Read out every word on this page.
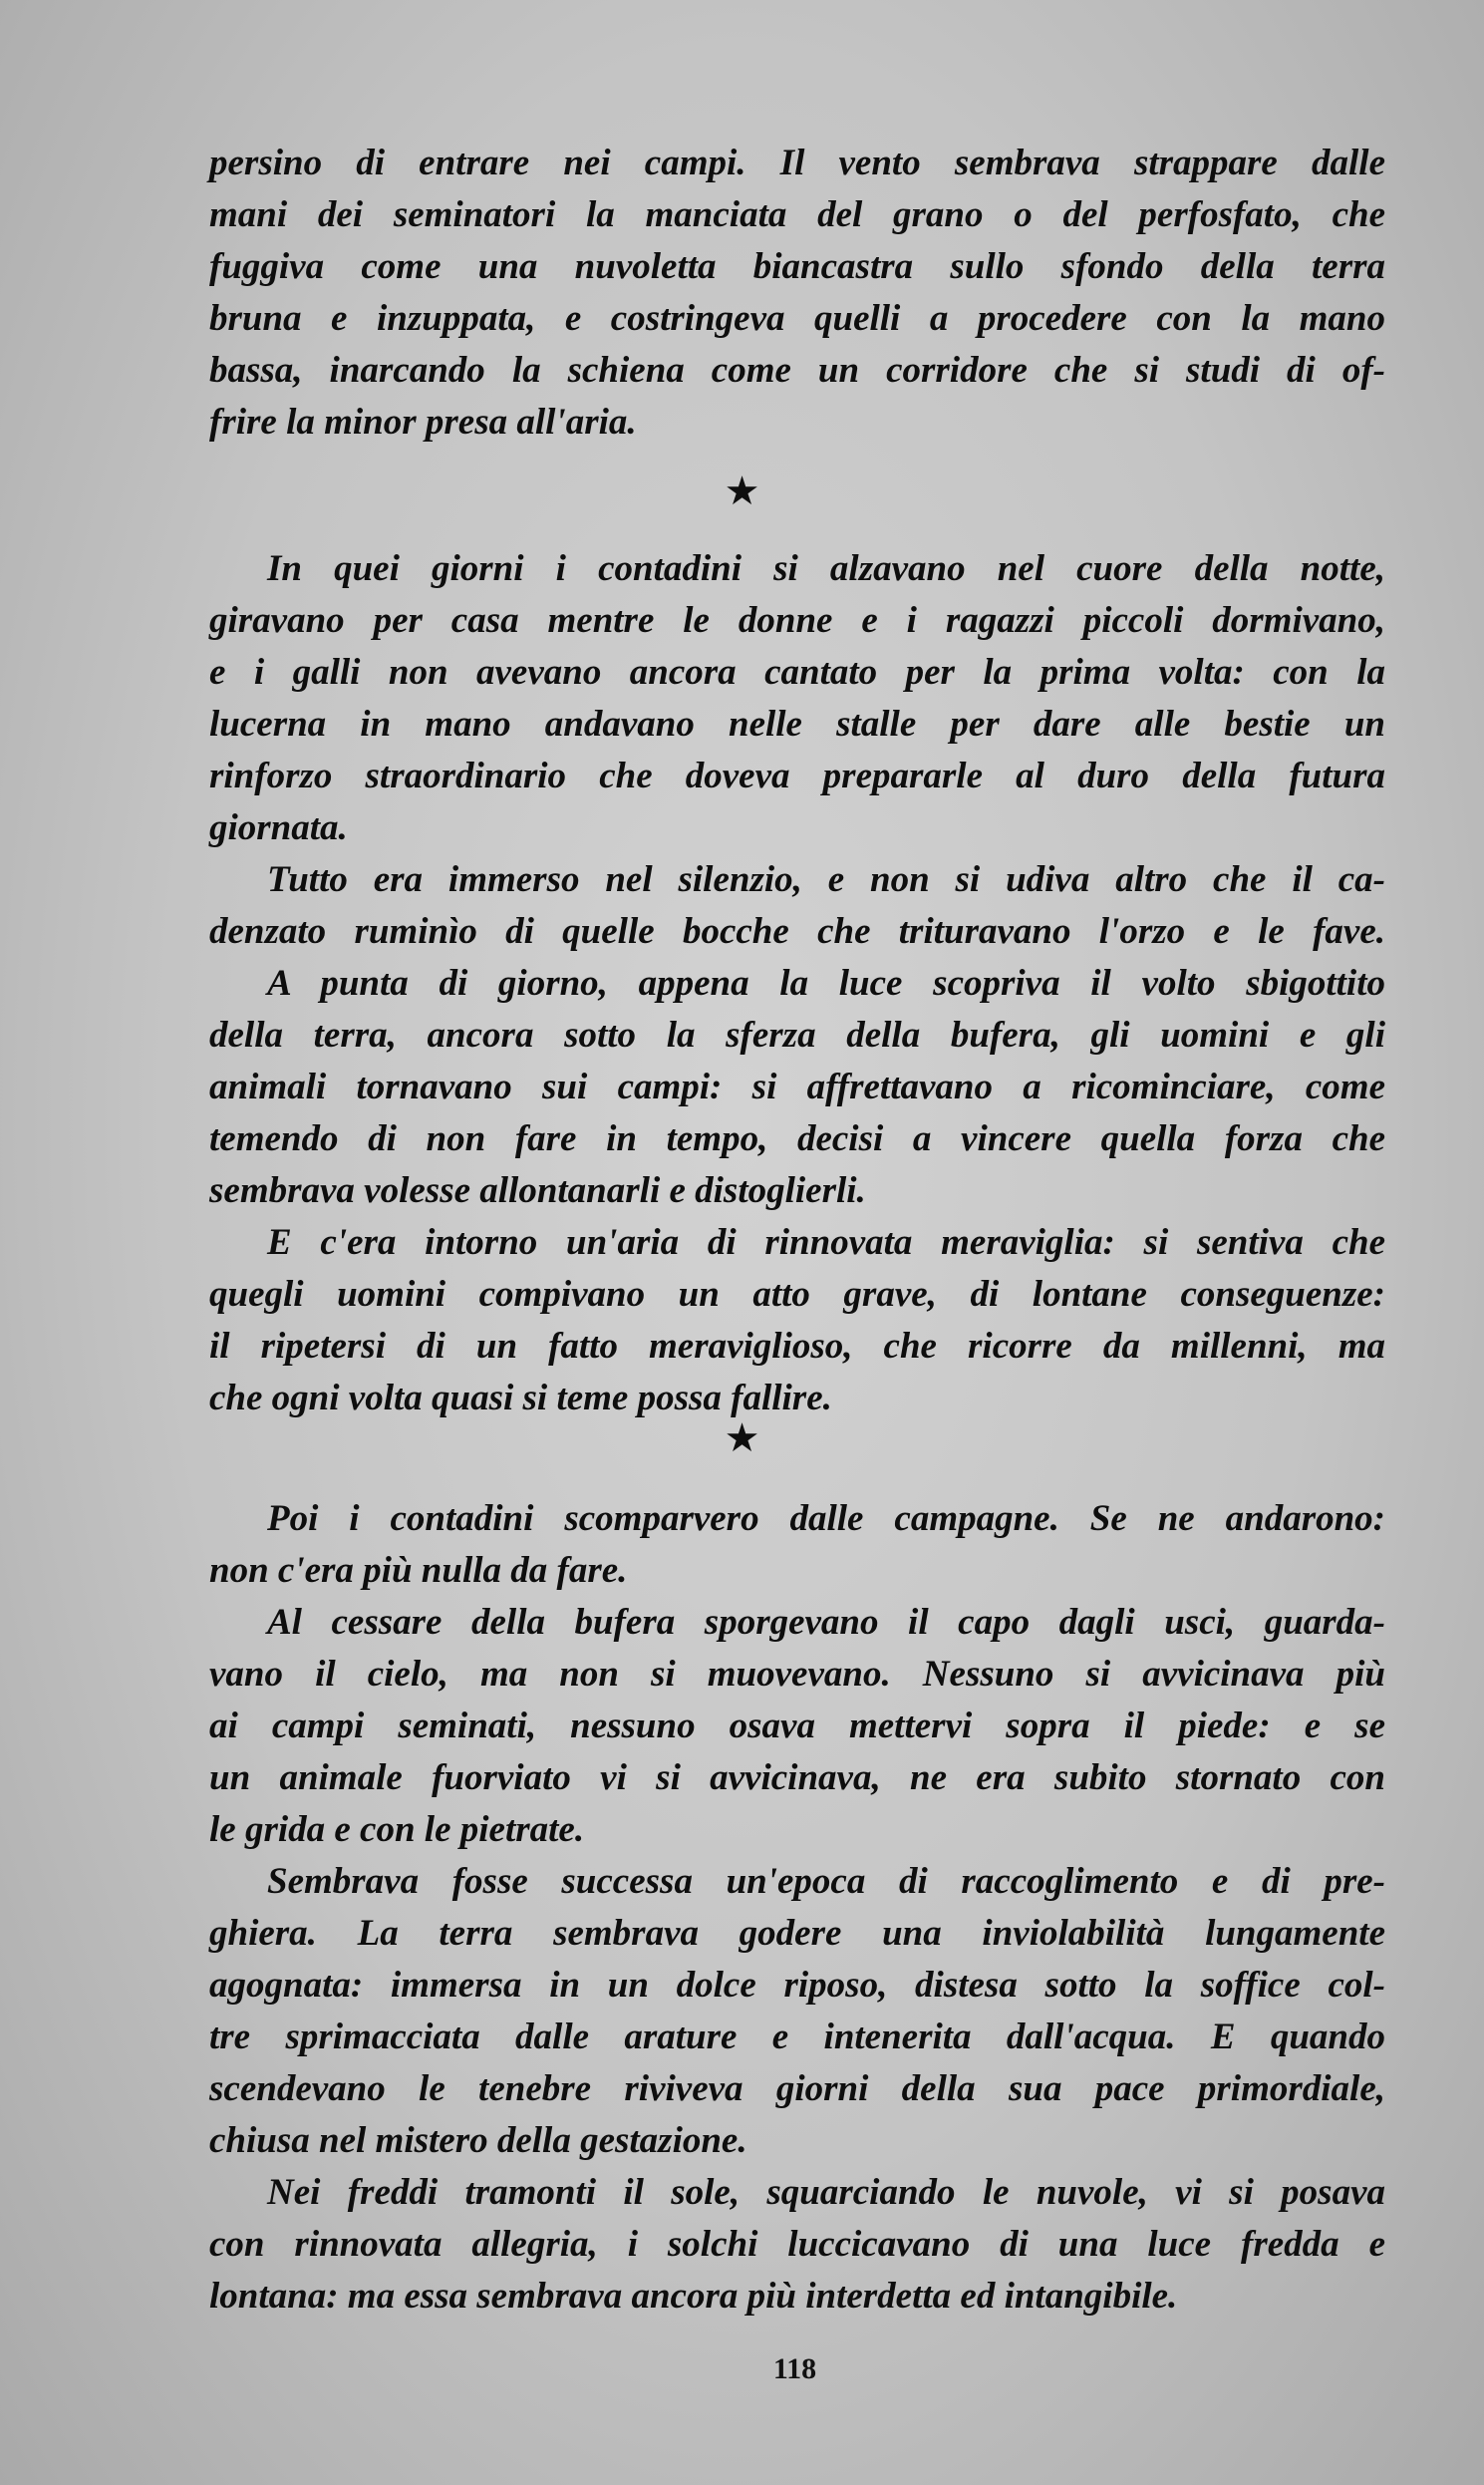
persino di entrare nei campi. Il vento sembrava strappare dalle
mani dei seminatori la manciata del grano o del perfosfato, che
fuggiva come una nuvoletta biancastra sullo sfondo della terra
bruna e inzuppata, e costringeva quelli a procedere con la mano
bassa, inarcando la schiena come un corridore che si studi di of-
frire la minor presa all'aria.
★
In quei giorni i contadini si alzavano nel cuore della notte,
giravano per casa mentre le donne e i ragazzi piccoli dormivano,
e i galli non avevano ancora cantato per la prima volta: con la
lucerna in mano andavano nelle stalle per dare alle bestie un
rinforzo straordinario che doveva prepararle al duro della futura
giornata.
Tutto era immerso nel silenzio, e non si udiva altro che il ca-
denzato ruminìo di quelle bocche che trituravano l'orzo e le fave.
A punta di giorno, appena la luce scopriva il volto sbigottito
della terra, ancora sotto la sferza della bufera, gli uomini e gli
animali tornavano sui campi: si affrettavano a ricominciare, come
temendo di non fare in tempo, decisi a vincere quella forza che
sembrava volesse allontanarli e distoglierli.
E c'era intorno un'aria di rinnovata meraviglia: si sentiva che
quegli uomini compivano un atto grave, di lontane conseguenze:
il ripetersi di un fatto meraviglioso, che ricorre da millenni, ma
che ogni volta quasi si teme possa fallire.
★
Poi i contadini scomparvero dalle campagne. Se ne andarono:
non c'era più nulla da fare.
Al cessare della bufera sporgevano il capo dagli usci, guarda-
vano il cielo, ma non si muovevano. Nessuno si avvicinava più
ai campi seminati, nessuno osava mettervi sopra il piede: e se
un animale fuorviato vi si avvicinava, ne era subito stornato con
le grida e con le pietrate.
Sembrava fosse successa un'epoca di raccoglimento e di pre-
ghiera. La terra sembrava godere una inviolabilità lungamente
agognata: immersa in un dolce riposo, distesa sotto la soffice col-
tre sprimacciata dalle arature e intenerita dall'acqua. E quando
scendevano le tenebre riviveva giorni della sua pace primordiale,
chiusa nel mistero della gestazione.
Nei freddi tramonti il sole, squarciando le nuvole, vi si posava
con rinnovata allegria, i solchi luccicavano di una luce fredda e
lontana: ma essa sembrava ancora più interdetta ed intangibile.
118
